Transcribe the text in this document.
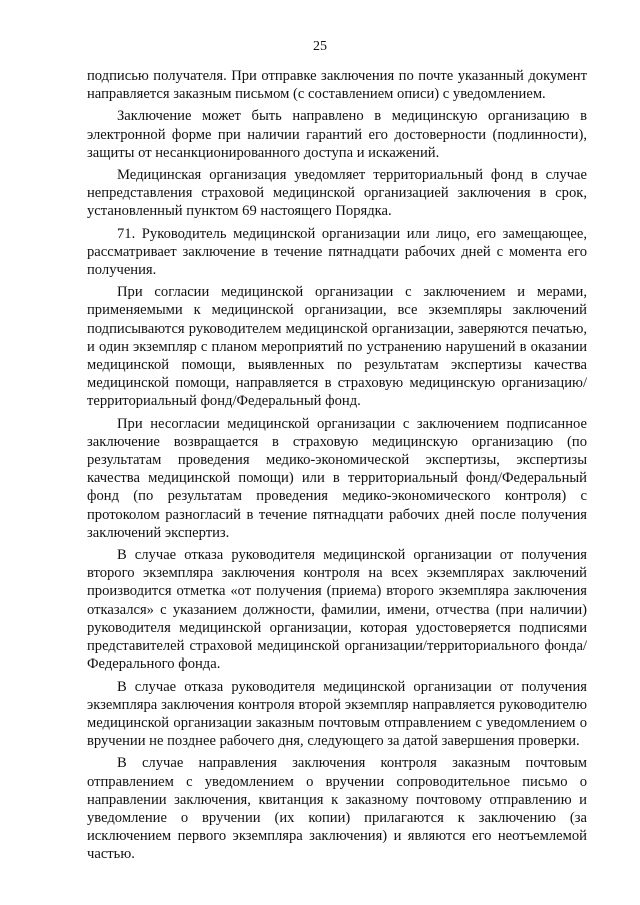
25

подписью получателя. При отправке заключения по почте указанный документ направляется заказным письмом (с составлением описи) с уведомлением.

Заключение может быть направлено в медицинскую организацию в электронной форме при наличии гарантий его достоверности (подлинности), защиты от несанкционированного доступа и искажений.

Медицинская организация уведомляет территориальный фонд в случае непредставления страховой медицинской организацией заключения в срок, установленный пунктом 69 настоящего Порядка.

71. Руководитель медицинской организации или лицо, его замещающее, рассматривает заключение в течение пятнадцати рабочих дней с момента его получения.

При согласии медицинской организации с заключением и мерами, применяемыми к медицинской организации, все экземпляры заключений подписываются руководителем медицинской организации, заверяются печатью, и один экземпляр с планом мероприятий по устранению нарушений в оказании медицинской помощи, выявленных по результатам экспертизы качества медицинской помощи, направляется в страховую медицинскую организацию/территориальный фонд/Федеральный фонд.

При несогласии медицинской организации с заключением подписанное заключение возвращается в страховую медицинскую организацию (по результатам проведения медико-экономической экспертизы, экспертизы качества медицинской помощи) или в территориальный фонд/Федеральный фонд (по результатам проведения медико-экономического контроля) с протоколом разногласий в течение пятнадцати рабочих дней после получения заключений экспертиз.

В случае отказа руководителя медицинской организации от получения второго экземпляра заключения контроля на всех экземплярах заключений производится отметка «от получения (приема) второго экземпляра заключения отказался» с указанием должности, фамилии, имени, отчества (при наличии) руководителя медицинской организации, которая удостоверяется подписями представителей страховой медицинской организации/территориального фонда/Федерального фонда.

В случае отказа руководителя медицинской организации от получения экземпляра заключения контроля второй экземпляр направляется руководителю медицинской организации заказным почтовым отправлением с уведомлением о вручении не позднее рабочего дня, следующего за датой завершения проверки.

В случае направления заключения контроля заказным почтовым отправлением с уведомлением о вручении сопроводительное письмо о направлении заключения, квитанция к заказному почтовому отправлению и уведомление о вручении (их копии) прилагаются к заключению (за исключением первого экземпляра заключения) и являются его неотъемлемой частью.
